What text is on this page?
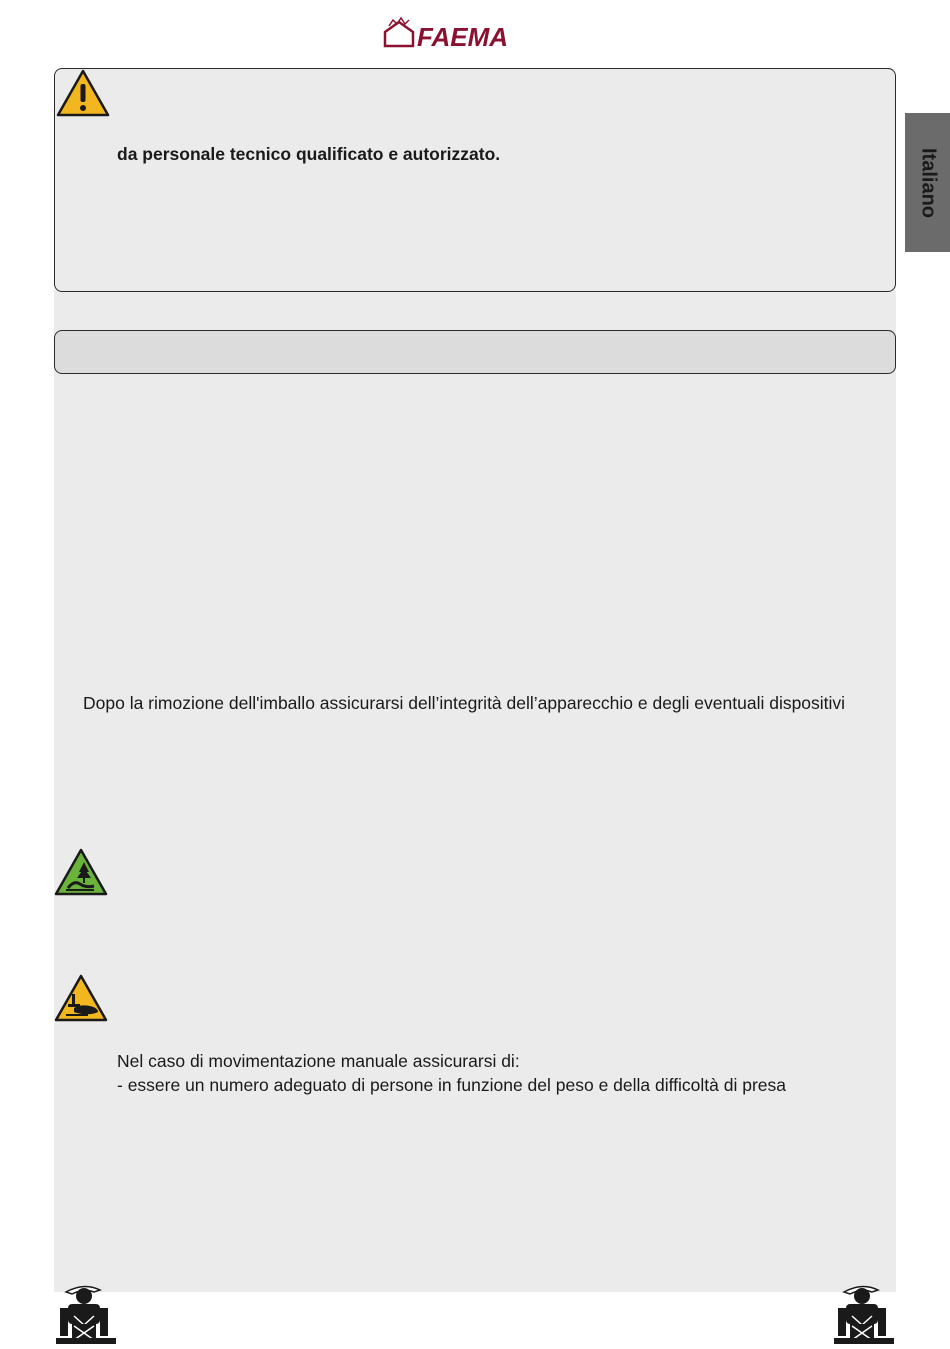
FAEMA
Italiano
da personale tecnico qualificato e autorizzato.
Dopo la rimozione dell'imballo assicurarsi dell’integrità dell’apparecchio e degli eventuali dispositivi
Nel caso di movimentazione manuale assicurarsi di:
- essere un numero adeguato di persone in funzione del peso e della difficoltà di presa
